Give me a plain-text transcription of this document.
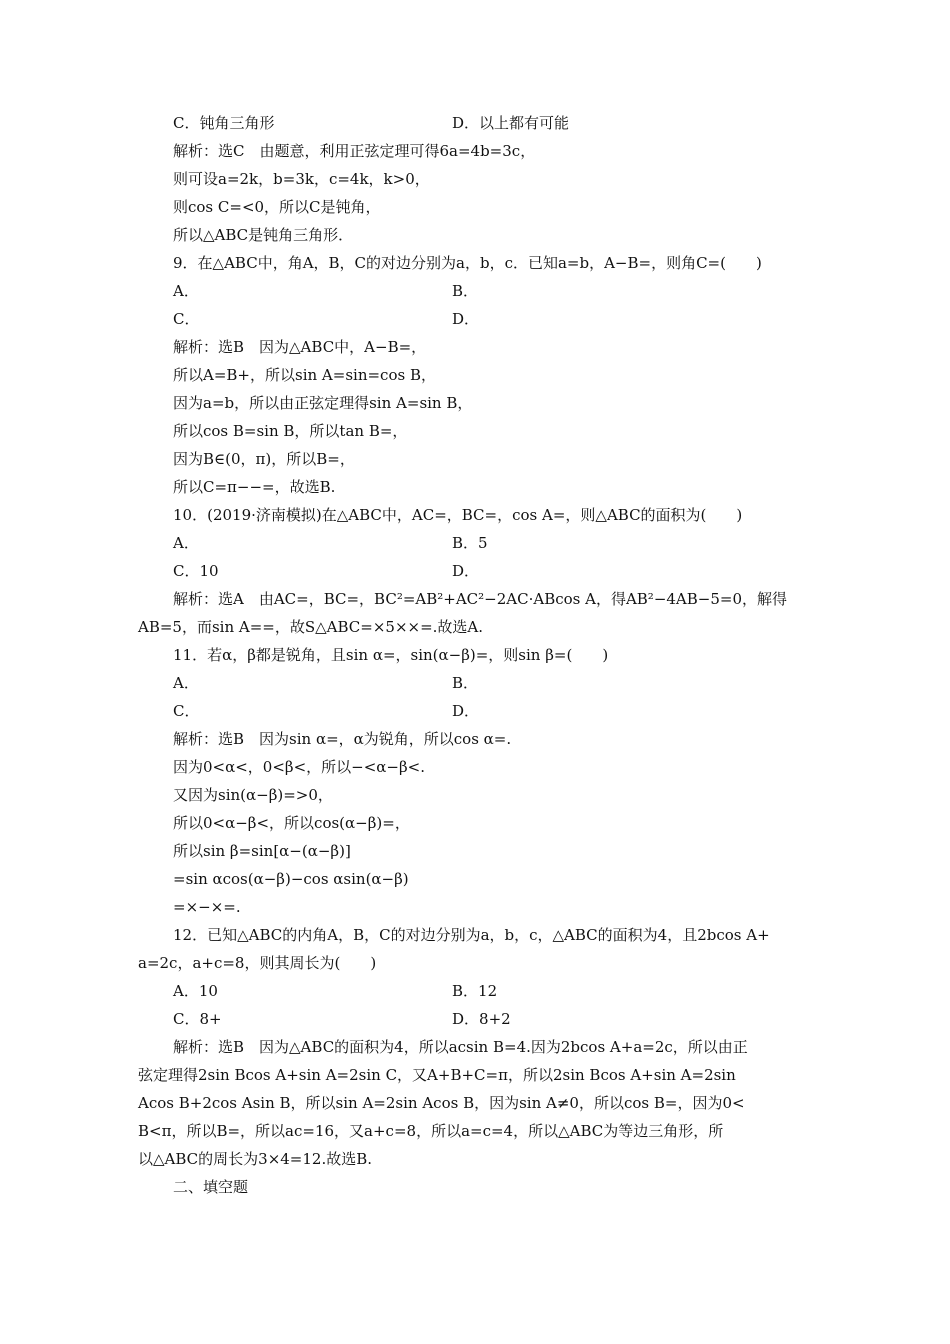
C．钝角三角形	D．以上都有可能
解析：选C　由题意，利用正弦定理可得6a=4b=3c，
则可设a=2k，b=3k，c=4k，k>0，
则cos C=<0，所以C是钝角，
所以△ABC是钝角三角形．
9．在△ABC中，角A，B，C的对边分别为a，b，c．已知a=b，A−B=，则角C=(　　)
A．	B．
C．	D．
解析：选B　因为△ABC中，A−B=，
所以A=B+，所以sin A=sin=cos B，
因为a=b，所以由正弦定理得sin A=sin B，
所以cos B=sin B，所以tan B=，
因为B∈(0，π)，所以B=，
所以C=π−−=，故选B.
10．(2019·济南模拟)在△ABC中，AC=，BC=，cos A=，则△ABC的面积为(　　)
A．	B．5
C．10	D．
解析：选A　由AC=，BC=，BC²=AB²+AC²−2AC·ABcos A，得AB²−4AB−5=0，解得
AB=5，而sin A==，故S△ABC=×5××=.故选A.
11．若α，β都是锐角，且sin α=，sin(α−β)=，则sin β=(　　)
A．	B．
C．	D．
解析：选B　因为sin α=，α为锐角，所以cos α=.
因为0<α<，0<β<，所以−<α−β<.
又因为sin(α−β)=>0，
所以0<α−β<，所以cos(α−β)=，
所以sin β=sin[α−(α−β)]
=sin αcos(α−β)−cos αsin(α−β)
=×−×=.
12．已知△ABC的内角A，B，C的对边分别为a，b，c，△ABC的面积为4，且2bcos A+
a=2c，a+c=8，则其周长为(　　)
A．10	B．12
C．8+	D．8+2
解析：选B　因为△ABC的面积为4，所以acsin B=4.因为2bcos A+a=2c，所以由正
弦定理得2sin Bcos A+sin A=2sin C，又A+B+C=π，所以2sin Bcos A+sin A=2sin
Acos B+2cos Asin B，所以sin A=2sin Acos B，因为sin A≠0，所以cos B=，因为0<
B<π，所以B=，所以ac=16，又a+c=8，所以a=c=4，所以△ABC为等边三角形，所
以△ABC的周长为3×4=12.故选B.
二、填空题
